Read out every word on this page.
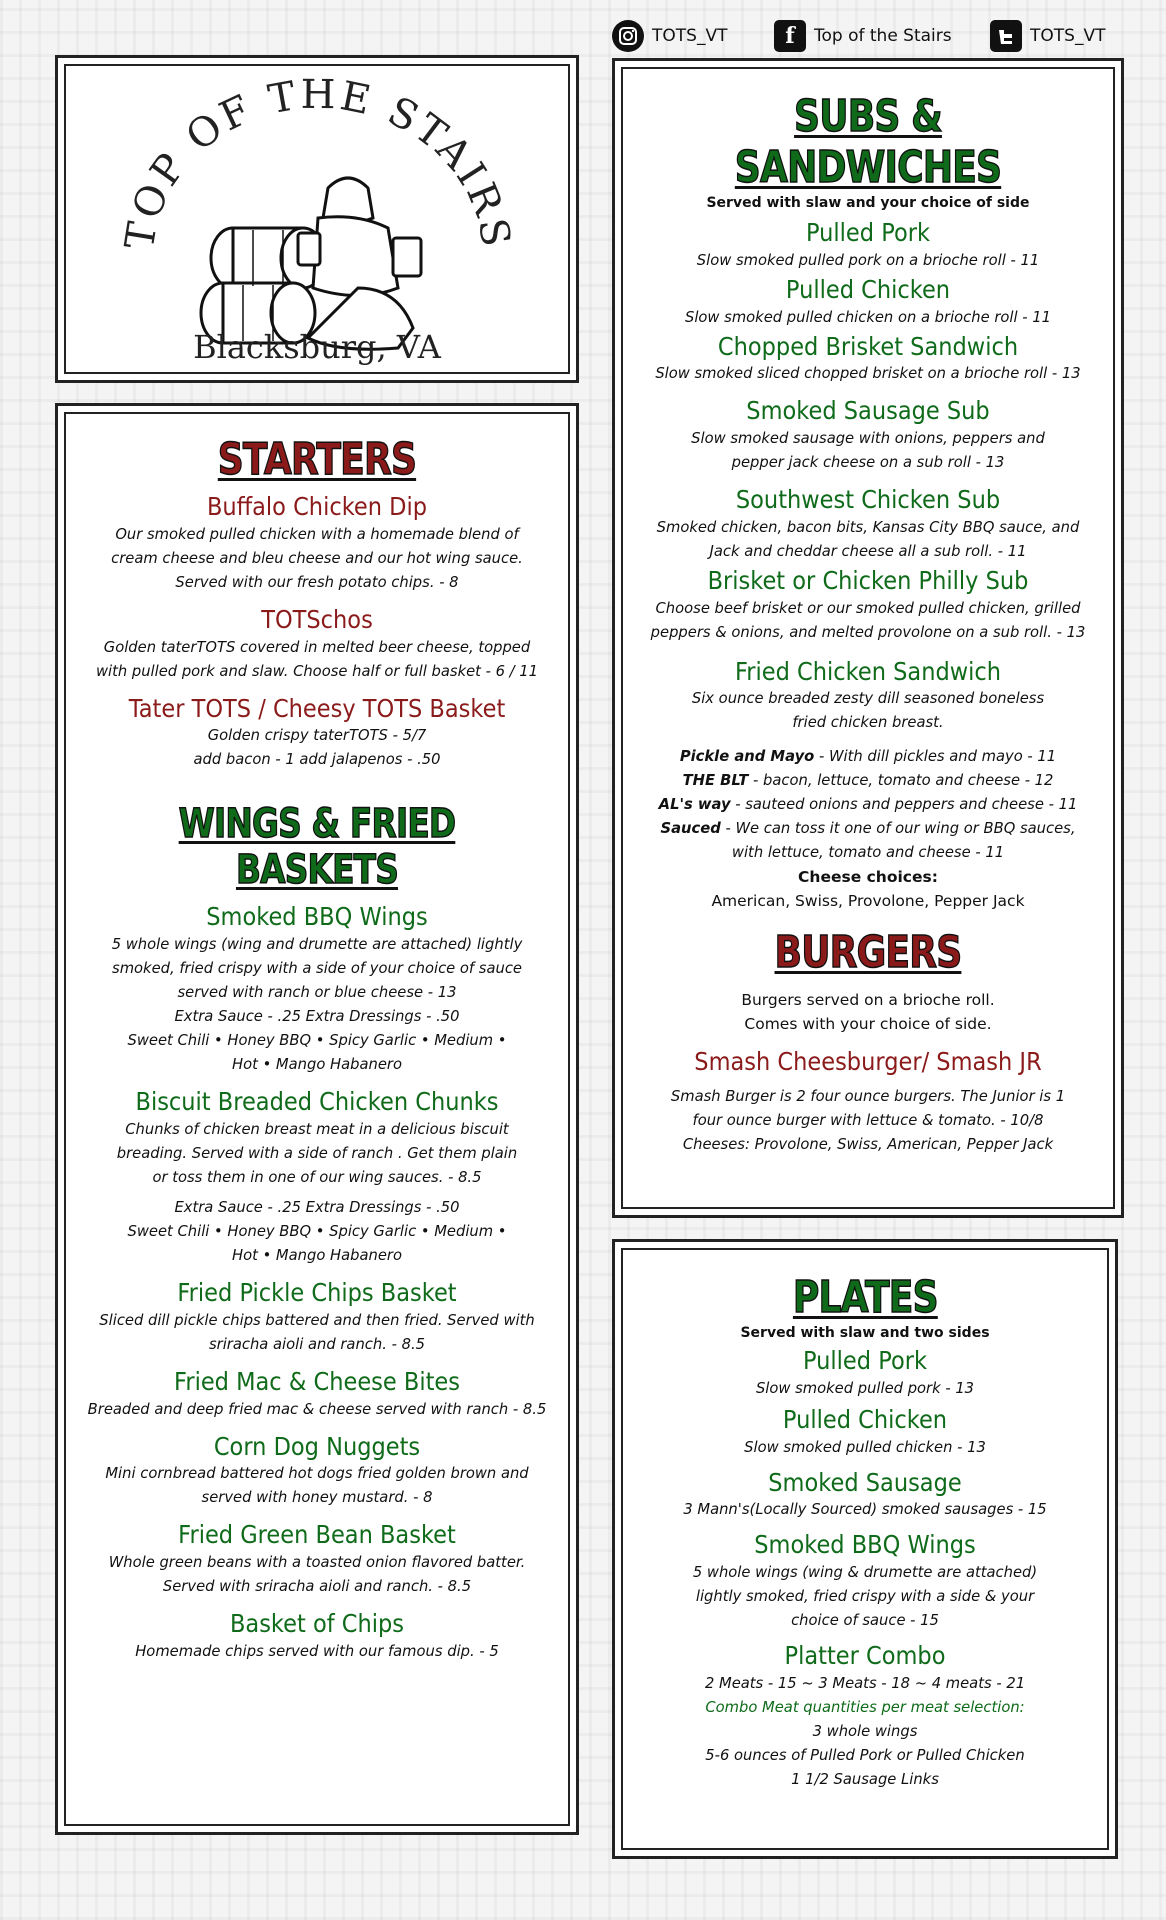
TOTS_VT	f	Top of the Stairs	TOTS_VT
TOP OF THE STAIRS
Blacksburg, VA
STARTERS
Buffalo Chicken Dip
Our smoked pulled chicken with a homemade blend of
cream cheese and bleu cheese and our hot wing sauce.
Served with our fresh potato chips. - 8
TOTSchos
Golden taterTOTS covered in melted beer cheese, topped
with pulled pork and slaw. Choose half or full basket - 6 / 11
Tater TOTS / Cheesy TOTS Basket
Golden crispy taterTOTS - 5/7
add bacon - 1 add jalapenos - .50
WINGS & FRIED BASKETS
Smoked BBQ Wings
5 whole wings (wing and drumette are attached) lightly
smoked, fried crispy with a side of your choice of sauce
served with ranch or blue cheese - 13
Extra Sauce - .25 Extra Dressings - .50
Sweet Chili • Honey BBQ • Spicy Garlic • Medium •
Hot • Mango Habanero
Biscuit Breaded Chicken Chunks
Chunks of chicken breast meat in a delicious biscuit
breading. Served with a side of ranch . Get them plain
or toss them in one of our wing sauces. - 8.5
Extra Sauce - .25 Extra Dressings - .50
Sweet Chili • Honey BBQ • Spicy Garlic • Medium •
Hot • Mango Habanero
Fried Pickle Chips Basket
Sliced dill pickle chips battered and then fried. Served with
sriracha aioli and ranch. - 8.5
Fried Mac & Cheese Bites
Breaded and deep fried mac & cheese served with ranch - 8.5
Corn Dog Nuggets
Mini cornbread battered hot dogs fried golden brown and
served with honey mustard. - 8
Fried Green Bean Basket
Whole green beans with a toasted onion flavored batter.
Served with sriracha aioli and ranch. - 8.5
Basket of Chips
Homemade chips served with our famous dip. - 5
SUBS & SANDWICHES
Served with slaw and your choice of side
Pulled Pork
Slow smoked pulled pork on a brioche roll - 11
Pulled Chicken
Slow smoked pulled chicken on a brioche roll - 11
Chopped Brisket Sandwich
Slow smoked sliced chopped brisket on a brioche roll - 13
Smoked Sausage Sub
Slow smoked sausage with onions, peppers and
pepper jack cheese on a sub roll - 13
Southwest Chicken Sub
Smoked chicken, bacon bits, Kansas City BBQ sauce, and
Jack and cheddar cheese all a sub roll. - 11
Brisket or Chicken Philly Sub
Choose beef brisket or our smoked pulled chicken, grilled
peppers & onions, and melted provolone on a sub roll. - 13
Fried Chicken Sandwich
Six ounce breaded zesty dill seasoned boneless
fried chicken breast.
Pickle and Mayo - With dill pickles and mayo - 11
THE BLT - bacon, lettuce, tomato and cheese - 12
AL's way - sauteed onions and peppers and cheese - 11
Sauced - We can toss it one of our wing or BBQ sauces,
with lettuce, tomato and cheese - 11
Cheese choices:
American, Swiss, Provolone, Pepper Jack
BURGERS
Burgers served on a brioche roll.
Comes with your choice of side.
Smash Cheesburger/ Smash JR
Smash Burger is 2 four ounce burgers. The Junior is 1
four ounce burger with lettuce & tomato. - 10/8
Cheeses: Provolone, Swiss, American, Pepper Jack
PLATES
Served with slaw and two sides
Pulled Pork
Slow smoked pulled pork - 13
Pulled Chicken
Slow smoked pulled chicken - 13
Smoked Sausage
3 Mann's(Locally Sourced) smoked sausages - 15
Smoked BBQ Wings
5 whole wings (wing & drumette are attached)
lightly smoked, fried crispy with a side & your
choice of sauce - 15
Platter Combo
2 Meats - 15 ~ 3 Meats - 18 ~ 4 meats - 21
Combo Meat quantities per meat selection:
3 whole wings
5-6 ounces of Pulled Pork or Pulled Chicken
1 1/2 Sausage Links
